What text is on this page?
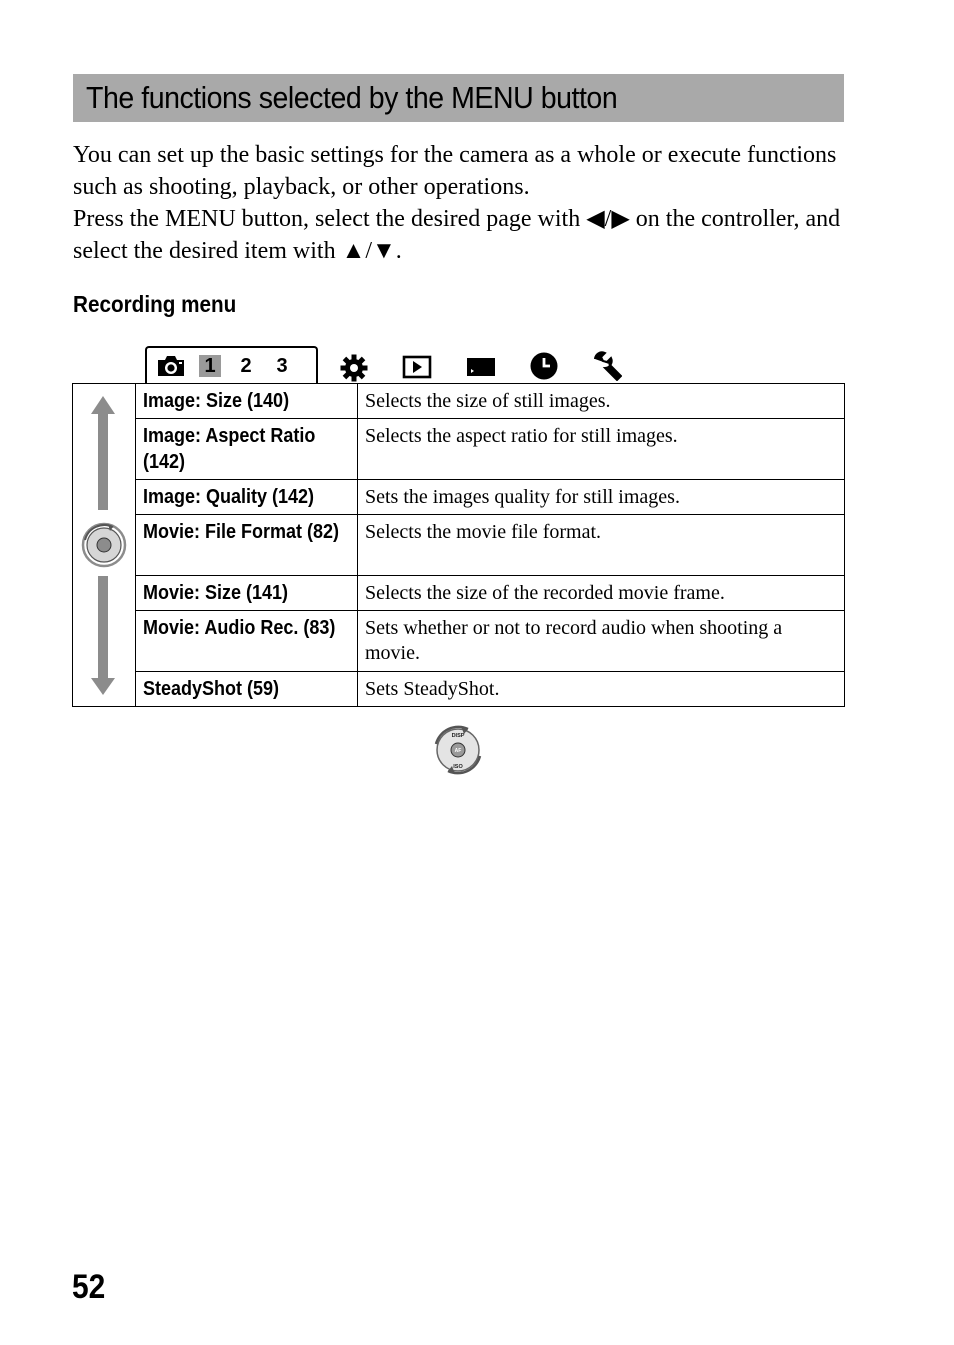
The functions selected by the MENU button

You can set up the basic settings for the camera as a whole or execute functions such as shooting, playback, or other operations.

Press the MENU button, select the desired page with ◀/▶ on the controller, and select the desired item with ▲/▼.

Recording menu
1 2 3
	Image: Size (140)	Selects the size of still images.
	Image: Aspect Ratio (142)	Selects the aspect ratio for still images.
	Image: Quality (142)	Sets the images quality for still images.
	Movie: File Format (82)	Selects the movie file format.
	Movie: Size (141)	Selects the size of the recorded movie frame.
	Movie: Audio Rec. (83)	Sets whether or not to record audio when shooting a movie.
	SteadyShot (59)	Sets SteadyShot.
DISP
AF
ISO
52
